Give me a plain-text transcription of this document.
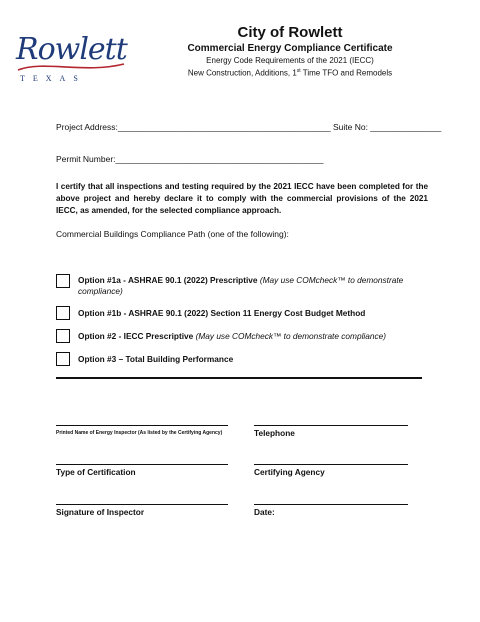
Rowlett
TEXAS
City of Rowlett
Commercial Energy Compliance Certificate
Energy Code Requirements of the 2021 (IECC)
New Construction, Additions, 1st Time TFO and Remodels
Project Address:_____________________________________________ Suite No: _______________
Permit Number:____________________________________________
I certify that all inspections and testing required by the 2021 IECC have been completed for the above project and hereby declare it to comply with the commercial provisions of the 2021 IECC, as amended, for the selected compliance approach.
Commercial Buildings Compliance Path (one of the following):
Option #1a - ASHRAE 90.1 (2022) Prescriptive (May use COMcheck™ to demonstrate compliance)
Option #1b - ASHRAE 90.1 (2022) Section 11 Energy Cost Budget Method
Option #2 - IECC Prescriptive (May use COMcheck™ to demonstrate compliance)
Option #3 – Total Building Performance
Printed Name of Energy Inspector (As listed by the Certifying Agency)	Telephone
Type of Certification	Certifying Agency
Signature of Inspector	Date:
